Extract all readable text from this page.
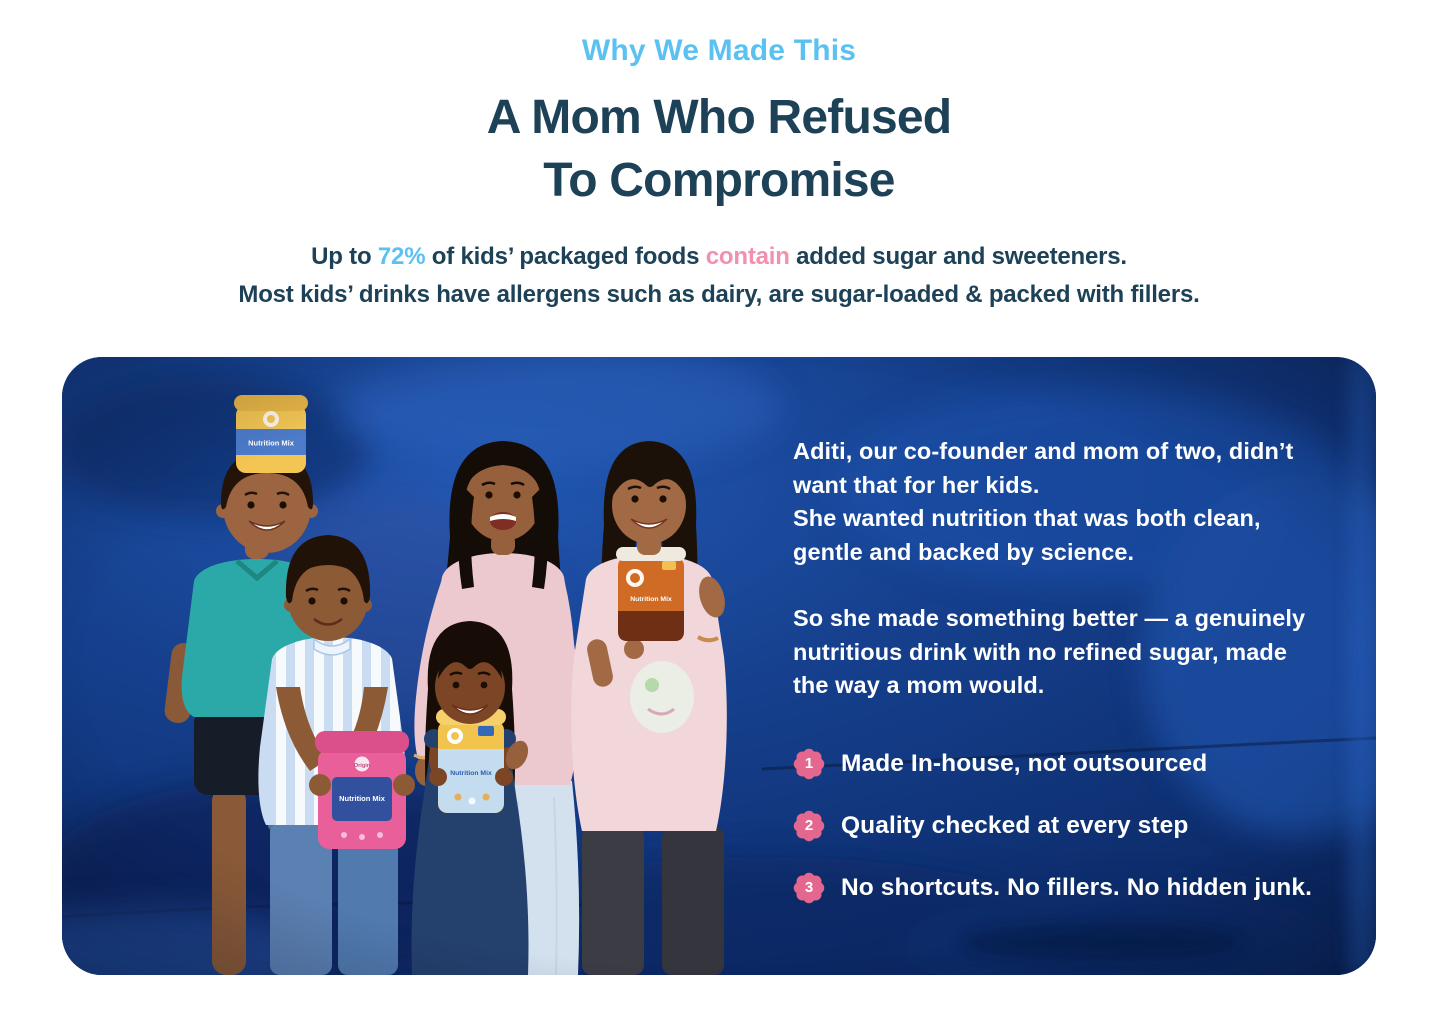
Why We Made This
A Mom Who Refused
To Compromise
Up to 72% of kids’ packaged foods contain added sugar and sweeteners.
Most kids’ drinks have allergens such as dairy, are sugar-loaded & packed with fillers.
Aditi, our co-founder and mom of two, didn’t
want that for her kids.
She wanted nutrition that was both clean,
gentle and backed by science.
So she made something better — a genuinely
nutritious drink with no refined sugar, made
the way a mom would.
1	Made In-house, not outsourced
2	Quality checked at every step
3	No shortcuts. No fillers. No hidden junk.
